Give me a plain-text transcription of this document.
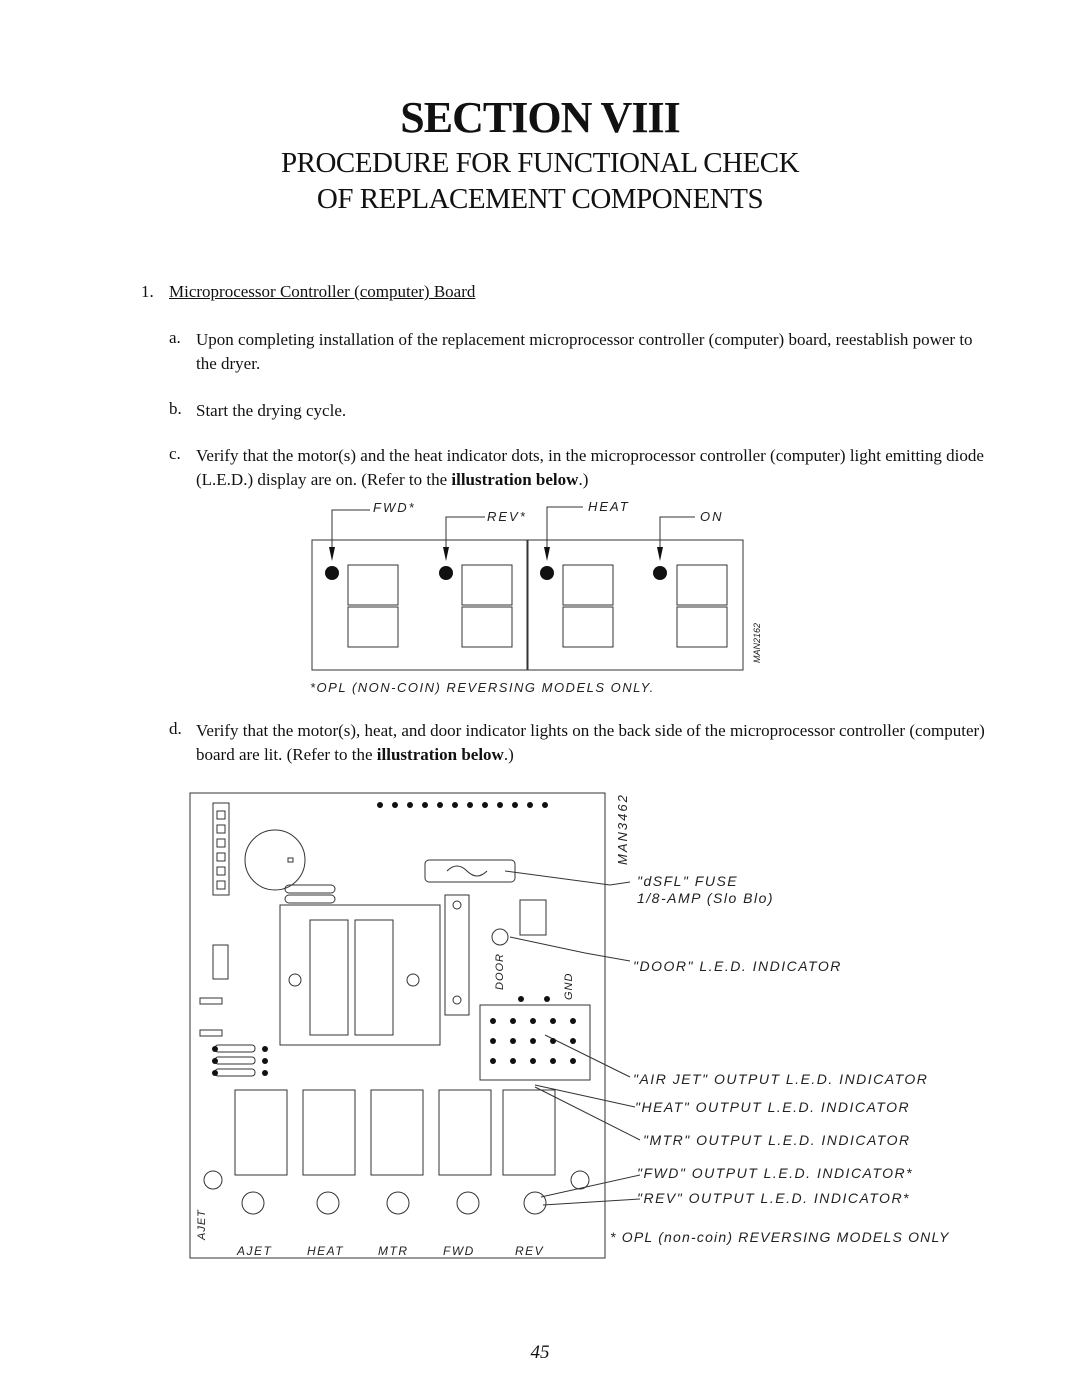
SECTION VIII
PROCEDURE FOR FUNCTIONAL CHECK
OF REPLACEMENT COMPONENTS
1. Microprocessor Controller (computer) Board
a. Upon completing installation of the replacement microprocessor controller (computer) board, reestablish power to the dryer.
b. Start the drying cycle.
c. Verify that the motor(s) and the heat indicator dots, in the microprocessor controller (computer) light emitting diode (L.E.D.) display are on. (Refer to the illustration below.)
FWD*
REV*
HEAT
ON
MAN2162
*OPL (NON-COIN) REVERSING MODELS ONLY.
d. Verify that the motor(s), heat, and door indicator lights on the back side of the microprocessor controller (computer) board are lit. (Refer to the illustration below.)
MAN3462
DOOR	GND
AJET
AJET	HEAT	MTR	FWD	REV
"dSFL" FUSE
1/8-AMP (Slo Blo)
"DOOR" L.E.D. INDICATOR
"AIR JET" OUTPUT L.E.D. INDICATOR
"HEAT" OUTPUT L.E.D. INDICATOR
"MTR" OUTPUT L.E.D. INDICATOR
"FWD" OUTPUT L.E.D. INDICATOR*
"REV" OUTPUT L.E.D. INDICATOR*
* OPL (non-coin) REVERSING MODELS ONLY
45
